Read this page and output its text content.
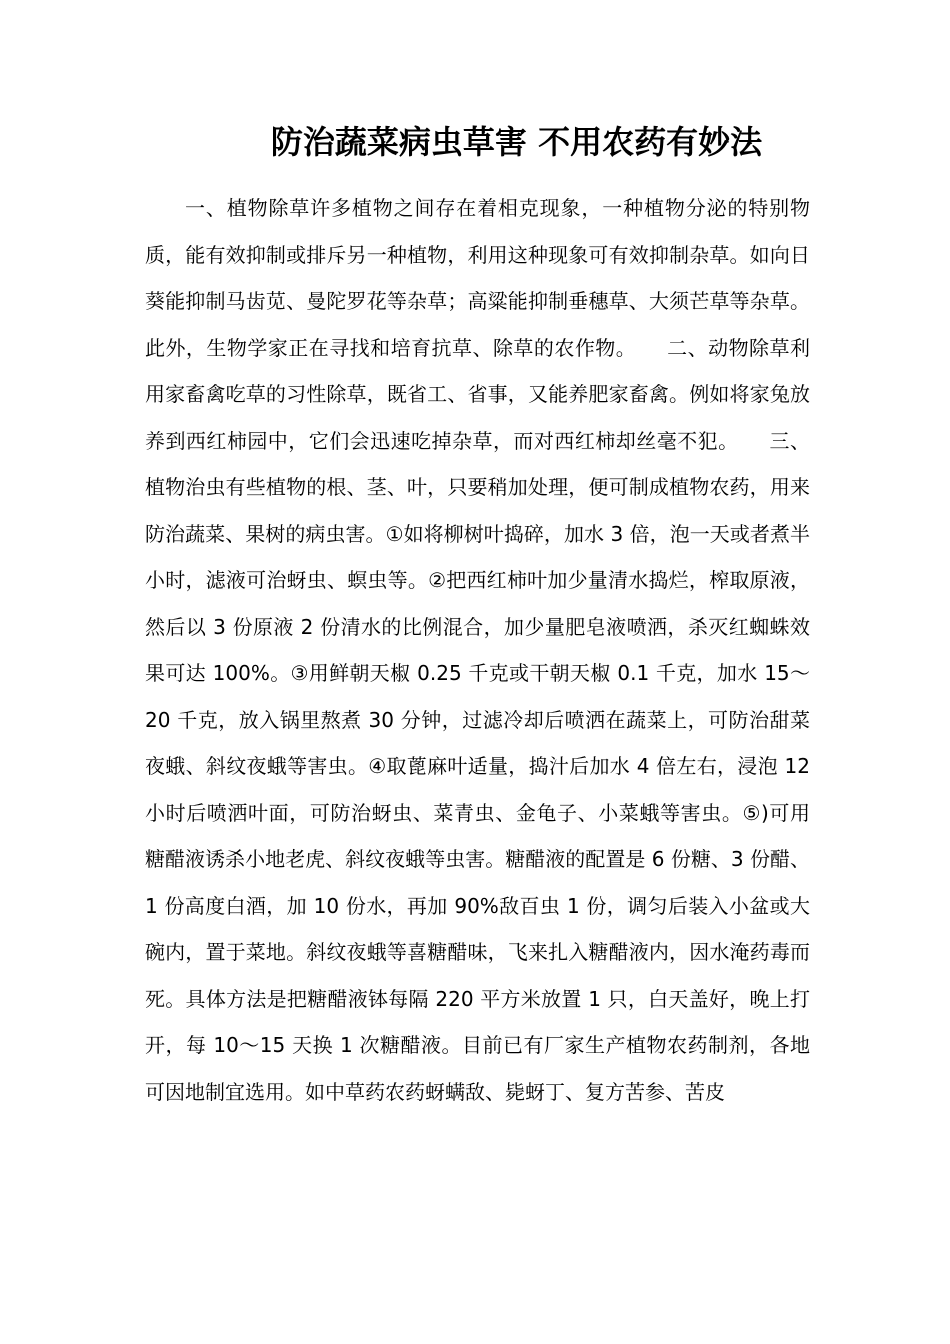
防治蔬菜病虫草害 不用农药有妙法

一、植物除草许多植物之间存在着相克现象，一种植物分泌的特别物质，能有效抑制或排斥另一种植物，利用这种现象可有效抑制杂草。如向日葵能抑制马齿苋、曼陀罗花等杂草；高粱能抑制垂穗草、大须芒草等杂草。此外，生物学家正在寻找和培育抗草、除草的农作物。　　二、动物除草利用家畜禽吃草的习性除草，既省工、省事，又能养肥家畜禽。例如将家兔放养到西红柿园中，它们会迅速吃掉杂草，而对西红柿却丝毫不犯。　　三、植物治虫有些植物的根、茎、叶，只要稍加处理，便可制成植物农药，用来防治蔬菜、果树的病虫害。①如将柳树叶捣碎，加水 3 倍，泡一天或者煮半小时，滤液可治蚜虫、螟虫等。②把西红柿叶加少量清水捣烂，榨取原液，然后以 3 份原液 2 份清水的比例混合，加少量肥皂液喷洒，杀灭红蜘蛛效果可达 100%。③用鲜朝天椒 0.25 千克或干朝天椒 0.1 千克，加水 15～20 千克，放入锅里熬煮 30 分钟，过滤冷却后喷洒在蔬菜上，可防治甜菜夜蛾、斜纹夜蛾等害虫。④取蓖麻叶适量，捣汁后加水 4 倍左右，浸泡 12 小时后喷洒叶面，可防治蚜虫、菜青虫、金龟子、小菜蛾等害虫。⑤)可用糖醋液诱杀小地老虎、斜纹夜蛾等虫害。糖醋液的配置是 6 份糖、3 份醋、1 份高度白酒，加 10 份水，再加 90%敌百虫 1 份，调匀后装入小盆或大碗内，置于菜地。斜纹夜蛾等喜糖醋味，飞来扎入糖醋液内，因水淹药毒而死。具体方法是把糖醋液钵每隔 220 平方米放置 1 只，白天盖好，晚上打开，每 10～15 天换 1 次糖醋液。目前已有厂家生产植物农药制剂，各地可因地制宜选用。如中草药农药蚜螨敌、毙蚜丁、复方苦参、苦皮
